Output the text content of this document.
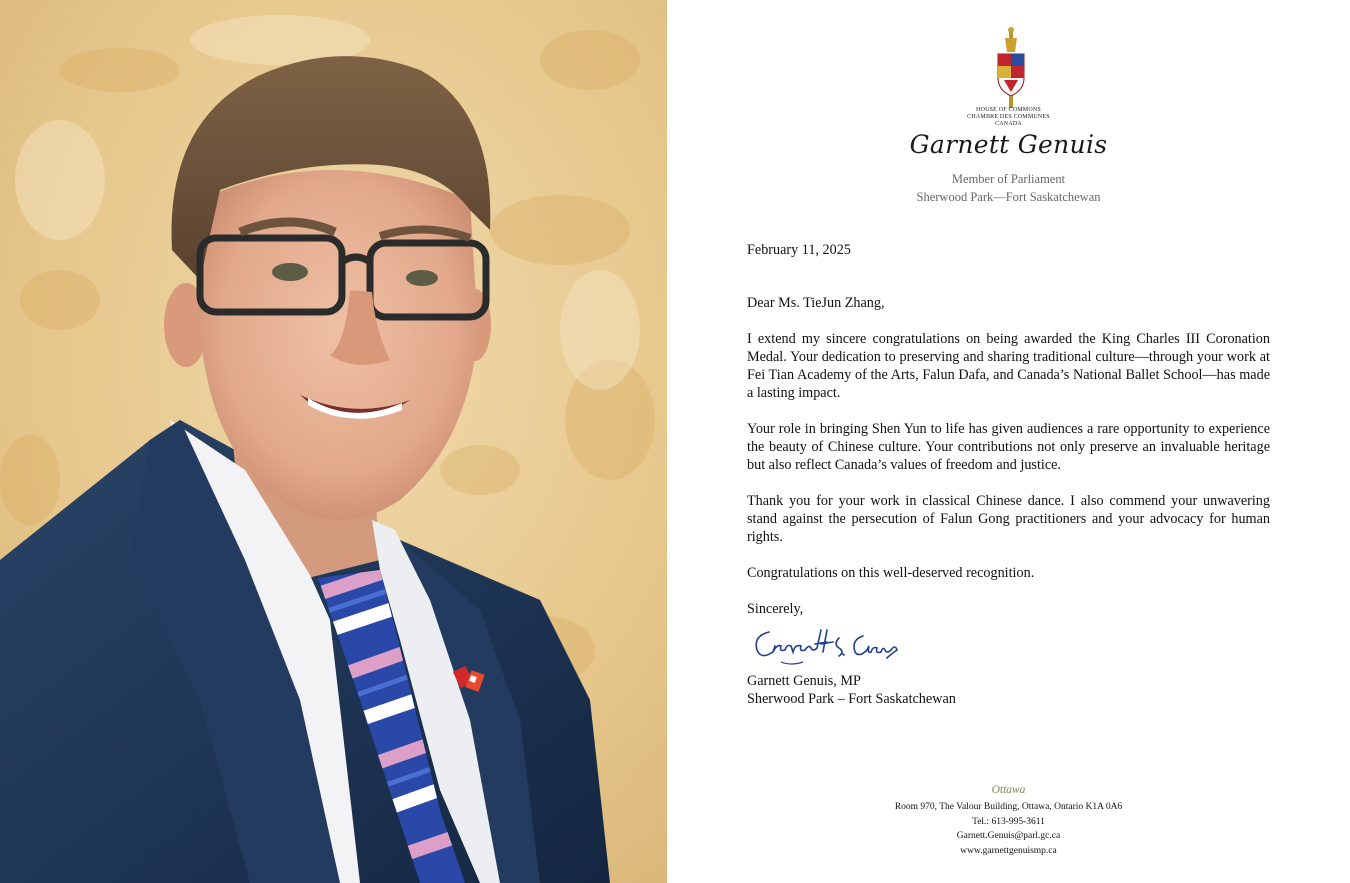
HOUSE OF COMMONS
CHAMBRE DES COMMUNES
CANADA
Garnett Genuis
Member of Parliament
Sherwood Park—Fort Saskatchewan
February 11, 2025
Dear Ms. TieJun Zhang,

I extend my sincere congratulations on being awarded the King Charles III Coronation Medal. Your dedication to preserving and sharing traditional culture—through your work at Fei Tian Academy of the Arts, Falun Dafa, and Canada’s National Ballet School—has made a lasting impact.

Your role in bringing Shen Yun to life has given audiences a rare opportunity to experience the beauty of Chinese culture. Your contributions not only preserve an invaluable heritage but also reflect Canada’s values of freedom and justice.

Thank you for your work in classical Chinese dance. I also commend your unwavering stand against the persecution of Falun Gong practitioners and your advocacy for human rights.

Congratulations on this well-deserved recognition.
Sincerely,
Garnett Genuis, MP
Sherwood Park – Fort Saskatchewan
Ottawa
Room 970, The Valour Building, Ottawa, Ontario K1A 0A6
Tel.: 613-995-3611
Garnett.Genuis@parl.gc.ca
www.garnettgenuismp.ca
